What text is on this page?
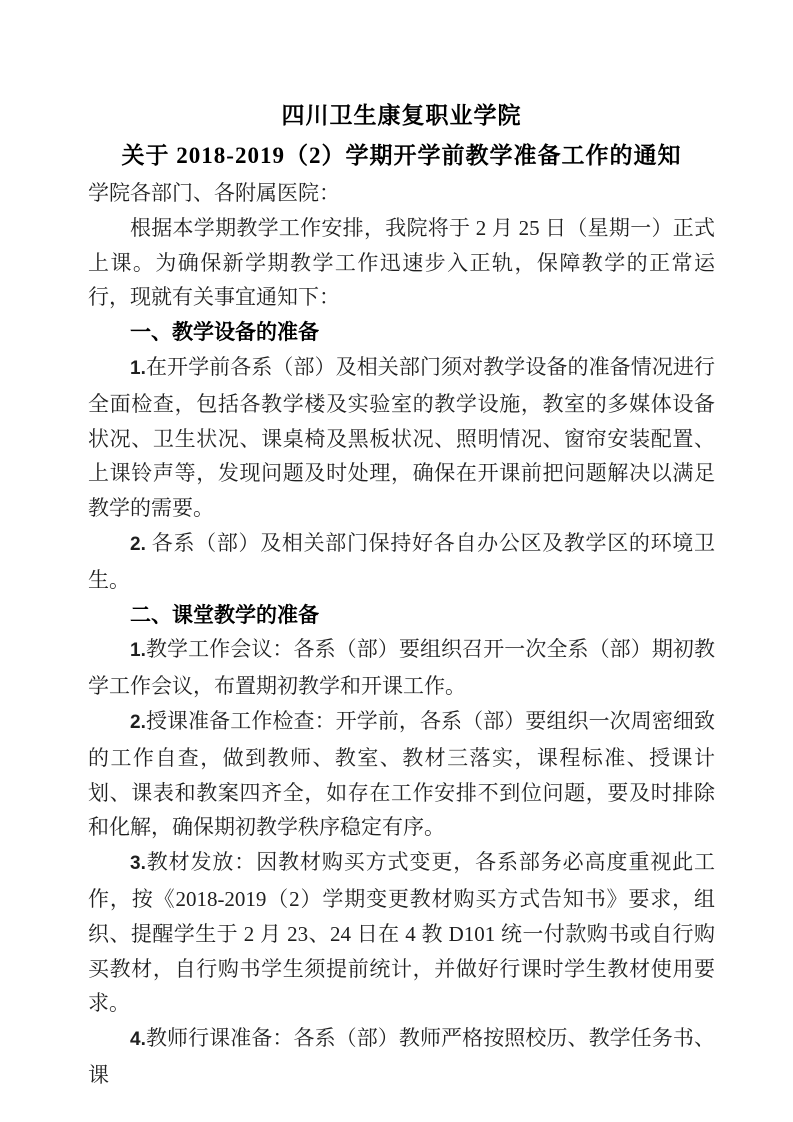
四川卫生康复职业学院
关于 2018-2019（2）学期开学前教学准备工作的通知

学院各部门、各附属医院：

根据本学期教学工作安排，我院将于 2 月 25 日（星期一）正式上课。为确保新学期教学工作迅速步入正轨，保障教学的正常运行，现就有关事宜通知下：

一、教学设备的准备

1.在开学前各系（部）及相关部门须对教学设备的准备情况进行全面检查，包括各教学楼及实验室的教学设施，教室的多媒体设备状况、卫生状况、课桌椅及黑板状况、照明情况、窗帘安装配置、上课铃声等，发现问题及时处理，确保在开课前把问题解决以满足教学的需要。

2. 各系（部）及相关部门保持好各自办公区及教学区的环境卫生。

二、课堂教学的准备

1.教学工作会议：各系（部）要组织召开一次全系（部）期初教学工作会议，布置期初教学和开课工作。

2.授课准备工作检查：开学前，各系（部）要组织一次周密细致的工作自查，做到教师、教室、教材三落实，课程标准、授课计划、课表和教案四齐全，如存在工作安排不到位问题，要及时排除和化解，确保期初教学秩序稳定有序。

3.教材发放：因教材购买方式变更，各系部务必高度重视此工作，按《2018-2019（2）学期变更教材购买方式告知书》要求，组织、提醒学生于 2 月 23、24 日在 4 教 D101 统一付款购书或自行购买教材，自行购书学生须提前统计，并做好行课时学生教材使用要求。

4.教师行课准备：各系（部）教师严格按照校历、教学任务书、课
